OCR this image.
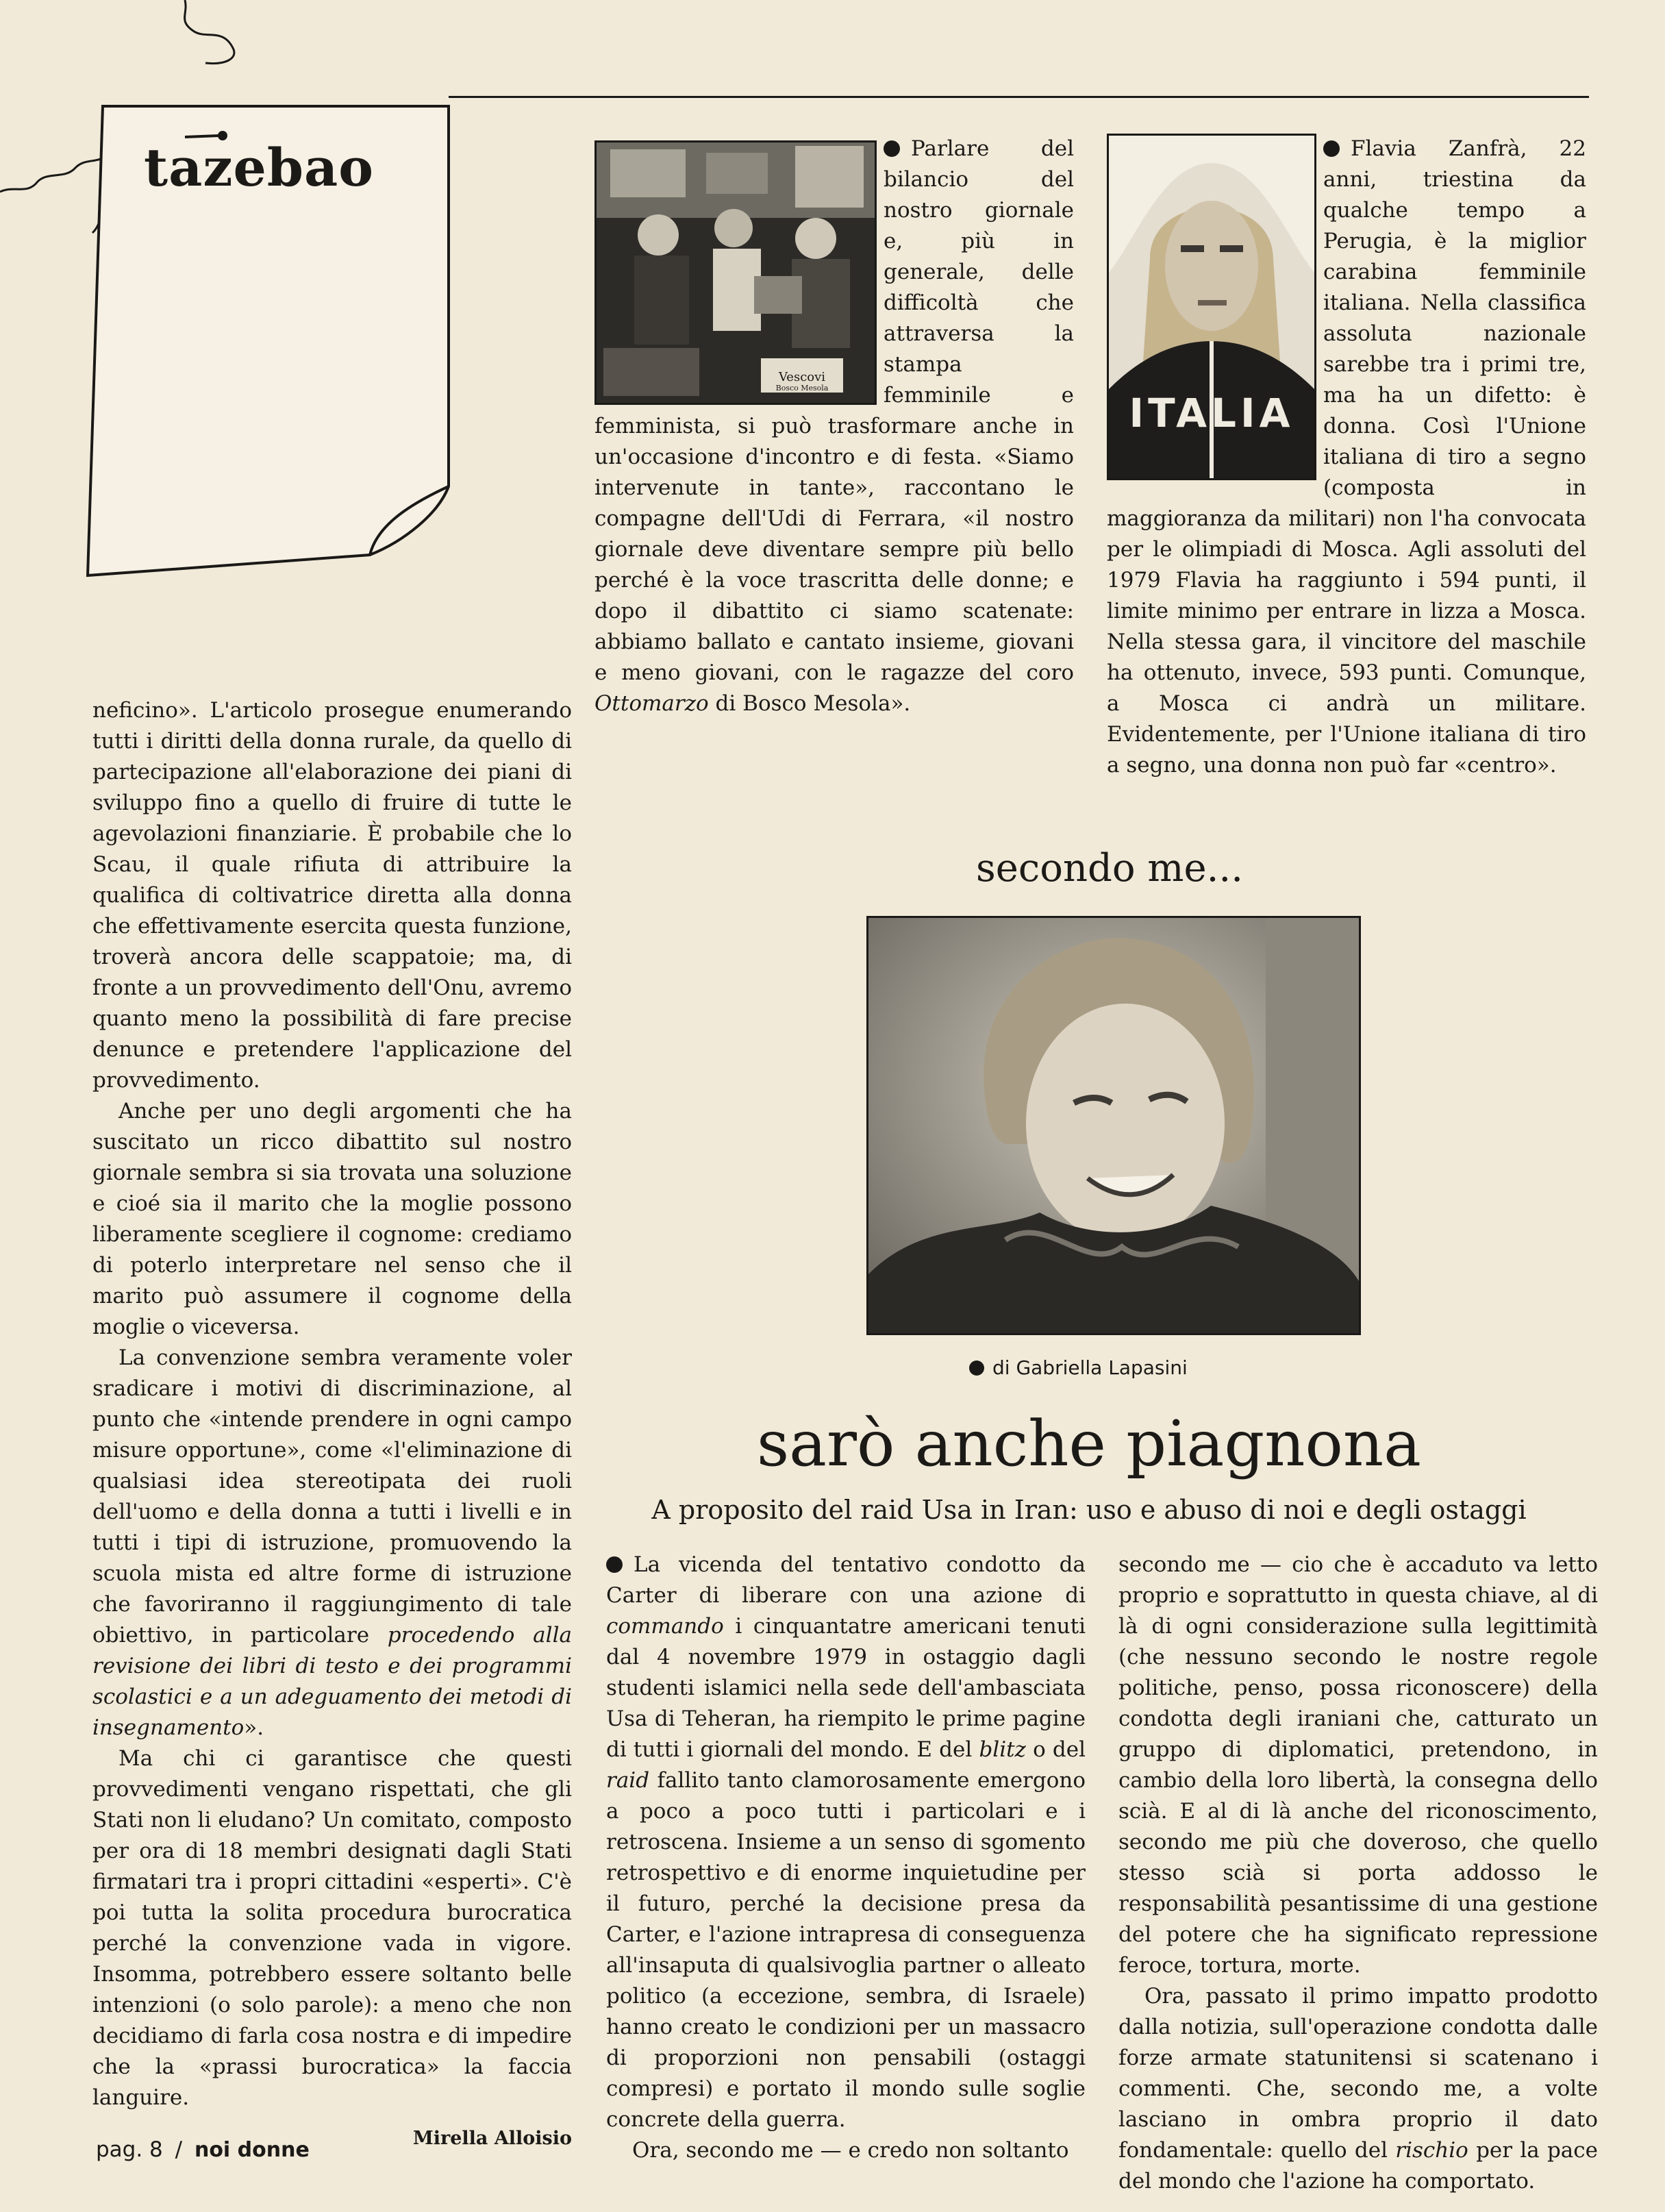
tazebao

neficino». L'articolo prosegue enumerando tutti i diritti della donna rurale, da quello di partecipazione all'elaborazione dei piani di sviluppo fino a quello di fruire di tutte le agevolazioni finanziarie. È probabile che lo Scau, il quale rifiuta di attribuire la qualifica di coltivatrice diretta alla donna che effettivamente esercita questa funzione, troverà ancora delle scappatoie; ma, di fronte a un provvedimento dell'Onu, avremo quanto meno la possibilità di fare precise denunce e pretendere l'applicazione del provvedimento.

Anche per uno degli argomenti che ha suscitato un ricco dibattito sul nostro giornale sembra si sia trovata una soluzione e cioé sia il marito che la moglie possono liberamente scegliere il cognome: crediamo di poterlo interpretare nel senso che il marito può assumere il cognome della moglie o viceversa.

La convenzione sembra veramente voler sradicare i motivi di discriminazione, al punto che «intende prendere in ogni campo misure opportune», come «l'eliminazione di qualsiasi idea stereotipata dei ruoli dell'uomo e della donna a tutti i livelli e in tutti i tipi di istruzione, promuovendo la scuola mista ed altre forme di istruzione che favoriranno il raggiungimento di tale obiettivo, in particolare procedendo alla revisione dei libri di testo e dei programmi scolastici e a un adeguamento dei metodi di insegnamento».

Ma chi ci garantisce che questi provvedimenti vengano rispettati, che gli Stati non li eludano? Un comitato, composto per ora di 18 membri designati dagli Stati firmatari tra i propri cittadini «esperti». C'è poi tutta la solita procedura burocratica perché la convenzione vada in vigore. Insomma, potrebbero essere soltanto belle intenzioni (o solo parole): a meno che non decidiamo di farla cosa nostra e di impedire che la «prassi burocratica» la faccia languire.

Mirella Alloisio
Vescovi
Bosco Mesola
Parlare del bilancio del nostro giornale e, più in generale, delle difficoltà che attraversa la stampa femminile e femminista, si può trasformare anche in un'occasione d'incontro e di festa. «Siamo intervenute in tante», raccontano le compagne dell'Udi di Ferrara, «il nostro giornale deve diventare sempre più bello perché è la voce trascritta delle donne; e dopo il dibattito ci siamo scatenate: abbiamo ballato e cantato insieme, giovani e meno giovani, con le ragazze del coro Ottomarzo di Bosco Mesola».
ITALIA
Flavia Zanfrà, 22 anni, triestina da qualche tempo a Perugia, è la miglior carabina femminile italiana. Nella classifica assoluta nazionale sarebbe tra i primi tre, ma ha un difetto: è donna. Così l'Unione italiana di tiro a segno (composta in maggioranza da militari) non l'ha convocata per le olimpiadi di Mosca. Agli assoluti del 1979 Flavia ha raggiunto i 594 punti, il limite minimo per entrare in lizza a Mosca. Nella stessa gara, il vincitore del maschile ha ottenuto, invece, 593 punti. Comunque, a Mosca ci andrà un militare. Evidentemente, per l'Unione italiana di tiro a segno, una donna non può far «centro».
secondo me...
di Gabriella Lapasini
sarò anche piagnona
A proposito del raid Usa in Iran: uso e abuso di noi e degli ostaggi

La vicenda del tentativo condotto da Carter di liberare con una azione di commando i cinquantatre americani tenuti dal 4 novembre 1979 in ostaggio dagli studenti islamici nella sede dell'ambasciata Usa di Teheran, ha riempito le prime pagine di tutti i giornali del mondo. E del blitz o del raid fallito tanto clamorosamente emergono a poco a poco tutti i particolari e i retroscena. Insieme a un senso di sgomento retrospettivo e di enorme inquietudine per il futuro, perché la decisione presa da Carter, e l'azione intrapresa di conseguenza all'insaputa di qualsivoglia partner o alleato politico (a eccezione, sembra, di Israele) hanno creato le condizioni per un massacro di proporzioni non pensabili (ostaggi compresi) e portato il mondo sulle soglie concrete della guerra.

Ora, secondo me — e credo non soltanto

secondo me — cio che è accaduto va letto proprio e soprattutto in questa chiave, al di là di ogni considerazione sulla legittimità (che nessuno secondo le nostre regole politiche, penso, possa riconoscere) della condotta degli iraniani che, catturato un gruppo di diplomatici, pretendono, in cambio della loro libertà, la consegna dello scià. E al di là anche del riconoscimento, secondo me più che doveroso, che quello stesso scià si porta addosso le responsabilità pesantissime di una gestione del potere che ha significato repressione feroce, tortura, morte.

Ora, passato il primo impatto prodotto dalla notizia, sull'operazione condotta dalle forze armate statunitensi si scatenano i commenti. Che, secondo me, a volte lasciano in ombra proprio il dato fondamentale: quello del rischio per la pace del mondo che l'azione ha comportato.

pag. 8 / noi donne
